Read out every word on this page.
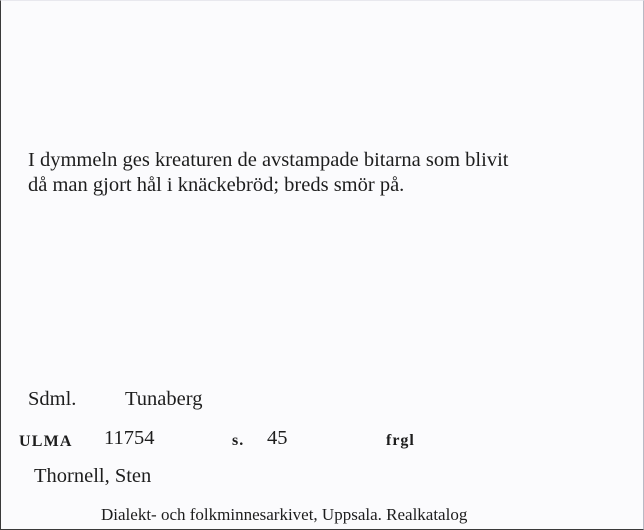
I dymmeln ges kreaturen de avstampade bitarna som blivit
då man gjort hål i knäckebröd; breds smör på.

Sdml. Tunaberg
ULMA 11754	s. 45	frgl
Thornell, Sten
Dialekt- och folkminnesarkivet, Uppsala. Realkatalog
